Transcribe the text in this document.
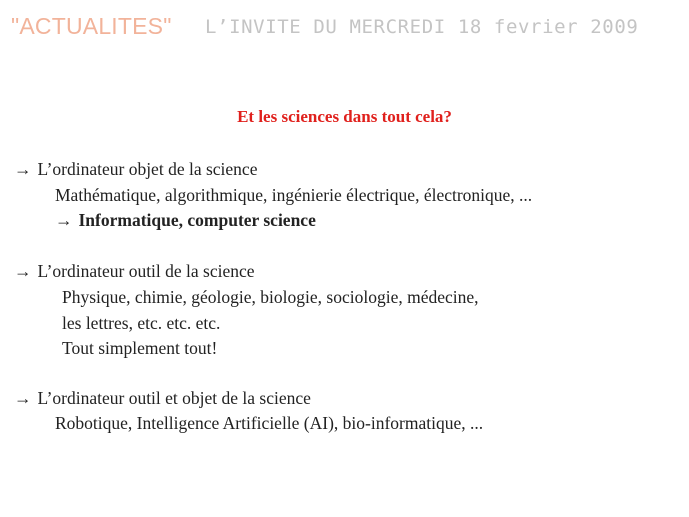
"ACTUALITES" L’INVITE DU MERCREDI 18 fevrier 2009
Et les sciences dans tout cela?
→ L’ordinateur objet de la science
Mathématique, algorithmique, ingénierie électrique, électronique, ...
→ Informatique, computer science
→ L’ordinateur outil de la science
Physique, chimie, géologie, biologie, sociologie, médecine,
les lettres, etc. etc. etc.
Tout simplement tout!
→ L’ordinateur outil et objet de la science
Robotique, Intelligence Artificielle (AI), bio-informatique, ...
